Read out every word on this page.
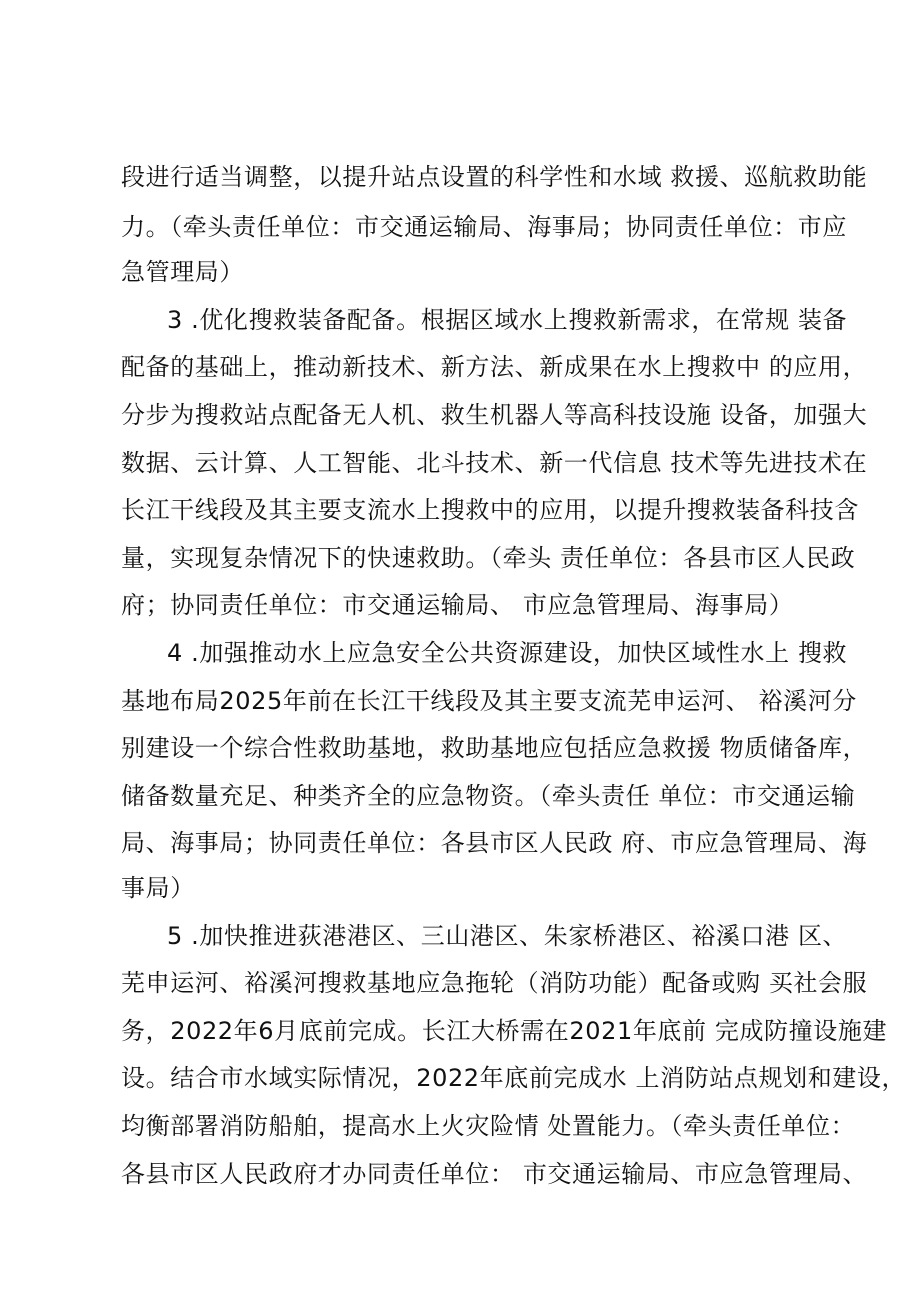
段进行适当调整，以提升站点设置的科学性和水域 救援、巡航救助能
力。（牵头责任单位：市交通运输局、海事局；协同责任单位：市应
急管理局）
3 .优化搜救装备配备。根据区域水上搜救新需求，在常规 装备
配备的基础上，推动新技术、新方法、新成果在水上搜救中 的应用，
分步为搜救站点配备无人机、救生机器人等高科技设施 设备，加强大
数据、云计算、人工智能、北斗技术、新一代信息 技术等先进技术在
长江干线段及其主要支流水上搜救中的应用，以提升搜救装备科技含
量，实现复杂情况下的快速救助。（牵头 责任单位：各县市区人民政
府；协同责任单位：市交通运输局、 市应急管理局、海事局）
4 .加强推动水上应急安全公共资源建设，加快区域性水上 搜救
基地布局2025年前在长江干线段及其主要支流芜申运河、 裕溪河分
别建设一个综合性救助基地，救助基地应包括应急救援 物质储备库，
储备数量充足、种类齐全的应急物资。（牵头责任 单位：市交通运输
局、海事局；协同责任单位：各县市区人民政 府、市应急管理局、海
事局）
5 .加快推进荻港港区、三山港区、朱家桥港区、裕溪口港 区、
芜申运河、裕溪河搜救基地应急拖轮（消防功能）配备或购 买社会服
务，2022年6月底前完成。长江大桥需在2021年底前 完成防撞设施建
设。结合市水域实际情况，2022年底前完成水 上消防站点规划和建设，
均衡部署消防船舶，提高水上火灾险情 处置能力。（牵头责任单位：
各县市区人民政府才办同责任单位： 市交通运输局、市应急管理局、
